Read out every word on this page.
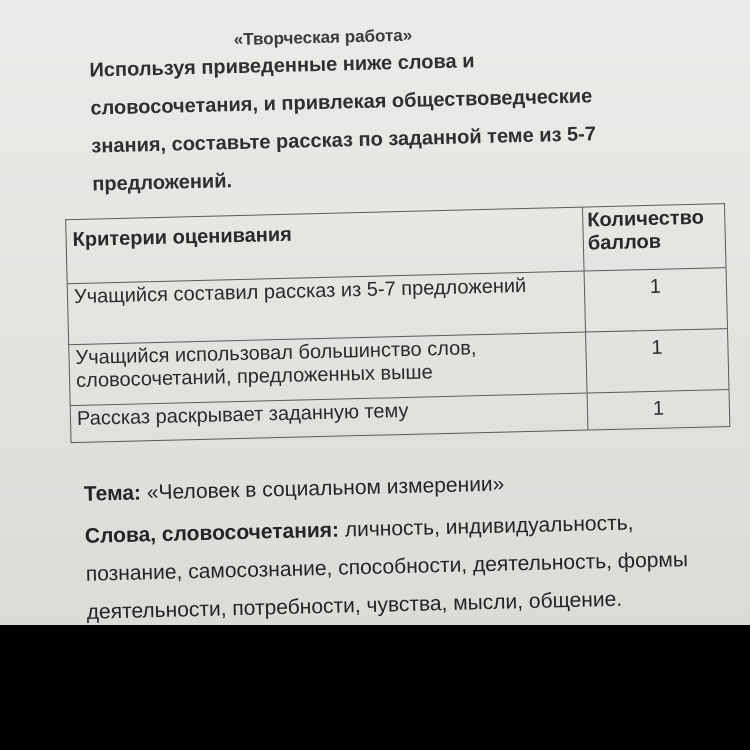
«Творческая работа»
Используя приведенные ниже слова и
словосочетания, и привлекая обществоведческие
знания, составьте рассказ по заданной теме из 5-7
предложений.
Критерии оценивания	Количество баллов
Учащийся составил рассказ из 5-7 предложений	1
Учащийся использовал большинство слов, словосочетаний, предложенных выше	1
Рассказ раскрывает заданную тему	1
Тема: «Человек в социальном измерении»
Слова, словосочетания: личность, индивидуальность,
познание, самосознание, способности, деятельность, формы
деятельности, потребности, чувства, мысли, общение.
